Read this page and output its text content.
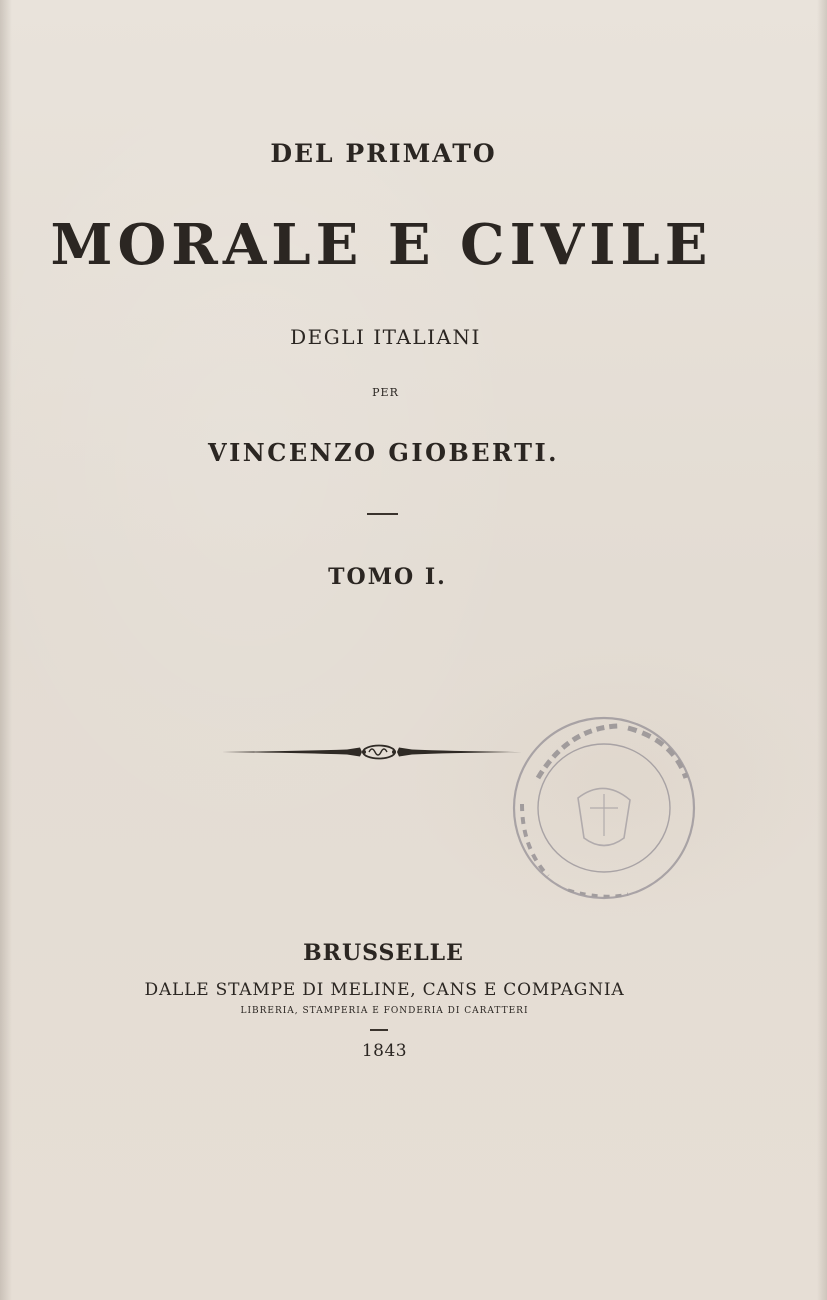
DEL PRIMATO
MORALE E CIVILE
DEGLI ITALIANI
PER
VINCENZO GIOBERTI.
TOMO I.
BRUSSELLE
DALLE STAMPE DI MELINE, CANS E COMPAGNIA
LIBRERIA, STAMPERIA E FONDERIA DI CARATTERI
1843
